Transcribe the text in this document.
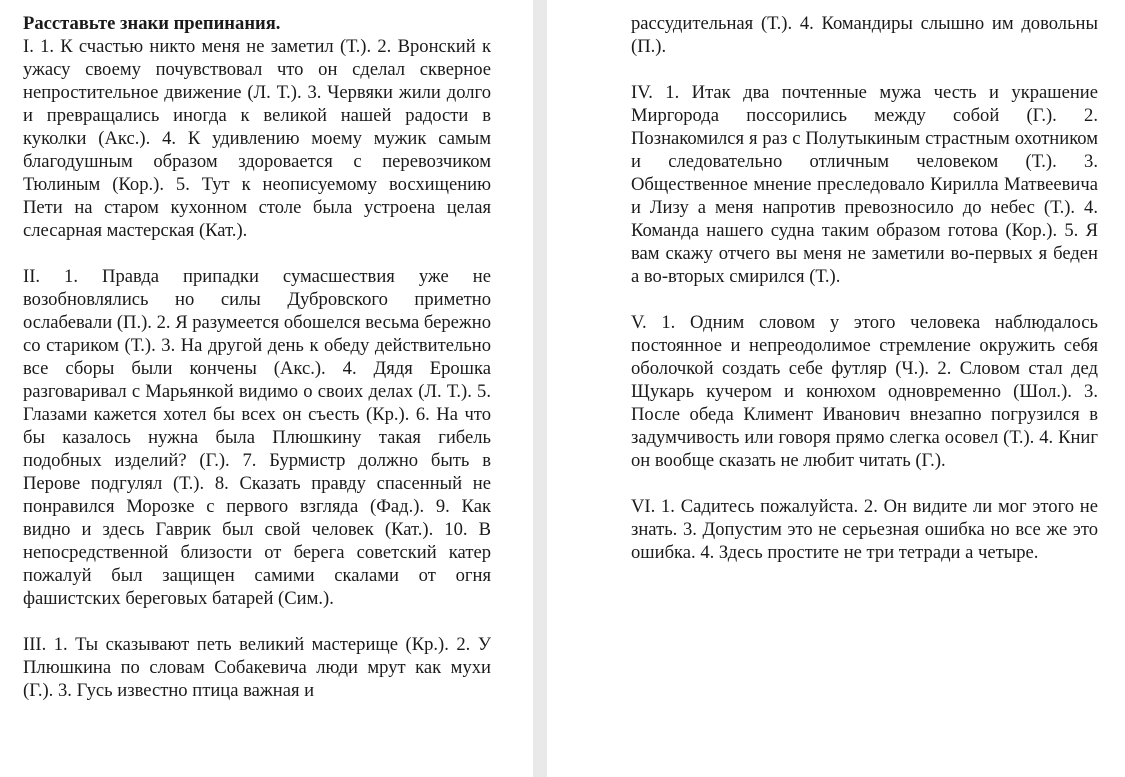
Расставьте знаки препинания.

I. 1. К счастью никто меня не заметил (Т.). 2. Вронский к ужасу своему почувствовал что он сделал скверное непростительное движение (Л. Т.). 3. Червяки жили долго и превращались иногда к великой нашей радости в куколки (Акс.). 4. К удивлению моему мужик самым благодушным образом здоровается с перевозчиком Тюлиным (Кор.). 5. Тут к неописуемому восхищению Пети на старом кухонном столе была устроена целая слесарная мастерская (Кат.).

II. 1. Правда припадки сумасшествия уже не возобновлялись но силы Дубровского приметно ослабевали (П.). 2. Я разумеется обошелся весьма бережно со стариком (Т.). 3. На другой день к обеду действительно все сборы были кончены (Акс.). 4. Дядя Ерошка разговаривал с Марьянкой видимо о своих делах (Л. Т.). 5. Глазами кажется хотел бы всех он съесть (Кр.). 6. На что бы казалось нужна была Плюшкину такая гибель подобных изделий? (Г.). 7. Бурмистр должно быть в Перове подгулял (Т.). 8. Сказать правду спасенный не понравился Морозке с первого взгляда (Фад.). 9. Как видно и здесь Гаврик был свой человек (Кат.). 10. В непосредственной близости от берега советский катер пожалуй был защищен самими скалами от огня фашистских береговых батарей (Сим.).

III. 1. Ты сказывают петь великий мастерище (Кр.). 2. У Плюшкина по словам Собакевича люди мрут как мухи (Г.). 3. Гусь известно птица важная и

рассудительная (Т.). 4. Командиры слышно им довольны (П.).

IV. 1. Итак два почтенные мужа честь и украшение Миргорода поссорились между собой (Г.). 2. Познакомился я раз с Полутыкиным страстным охотником и следовательно отличным человеком (Т.). 3. Общественное мнение преследовало Кирилла Матвеевича и Лизу а меня напротив превозносило до небес (Т.). 4. Команда нашего судна таким образом готова (Кор.). 5. Я вам скажу отчего вы меня не заметили во-первых я беден а во-вторых смирился (Т.).

V. 1. Одним словом у этого человека наблюдалось постоянное и непреодолимое стремление окружить себя оболочкой создать себе футляр (Ч.). 2. Словом стал дед Щукарь кучером и конюхом одновременно (Шол.). 3. После обеда Климент Иванович внезапно погрузился в задумчивость или говоря прямо слегка осовел (Т.). 4. Книг он вообще сказать не любит читать (Г.).

VI. 1. Садитесь пожалуйста. 2. Он видите ли мог этого не знать. 3. Допустим это не серьезная ошибка но все же это ошибка. 4. Здесь простите не три тетради а четыре.
